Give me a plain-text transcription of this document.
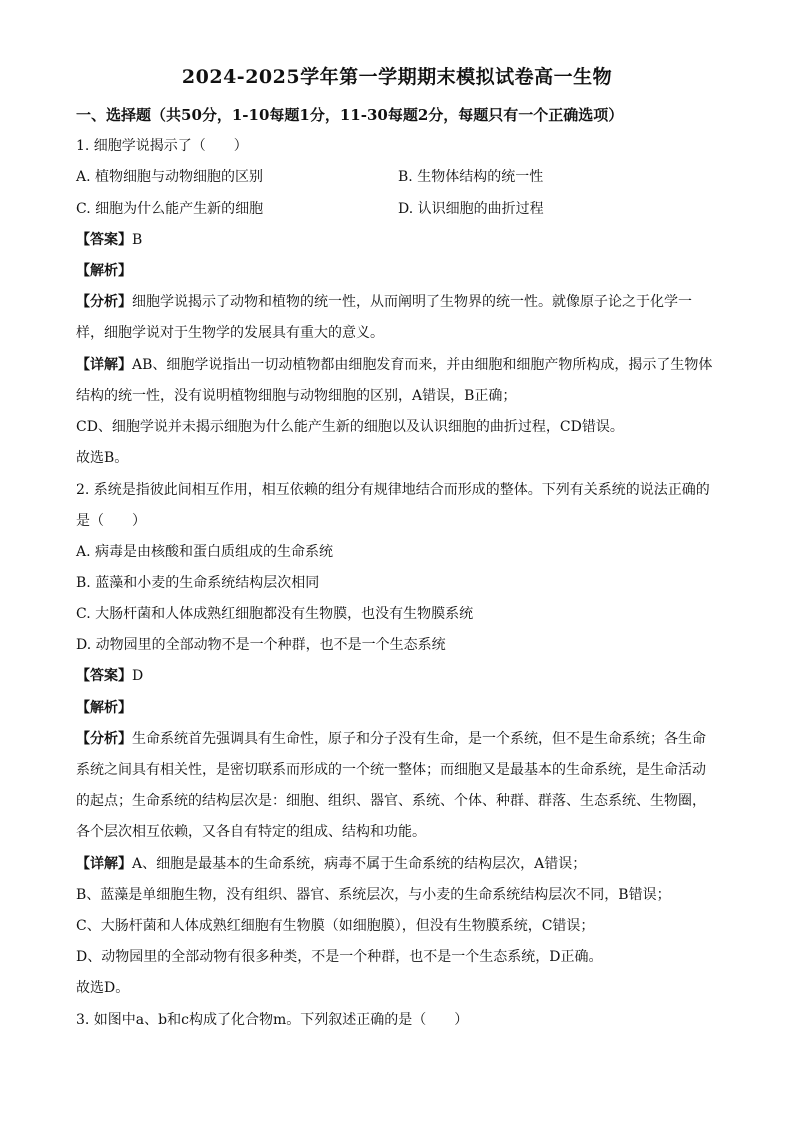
2024-2025学年第一学期期末模拟试卷高一生物

一、选择题（共50分，1-10每题1分，11-30每题2分，每题只有一个正确选项）

1. 细胞学说揭示了（　　）

A. 植物细胞与动物细胞的区别	B. 生物体结构的统一性

C. 细胞为什么能产生新的细胞	D. 认识细胞的曲折过程

【答案】B

【解析】

【分析】细胞学说揭示了动物和植物的统一性，从而阐明了生物界的统一性。就像原子论之于化学一

样，细胞学说对于生物学的发展具有重大的意义。

【详解】AB、细胞学说指出一切动植物都由细胞发育而来，并由细胞和细胞产物所构成，揭示了生物体

结构的统一性，没有说明植物细胞与动物细胞的区别，A错误，B正确；

CD、细胞学说并未揭示细胞为什么能产生新的细胞以及认识细胞的曲折过程，CD错误。

故选B。

2. 系统是指彼此间相互作用，相互依赖的组分有规律地结合而形成的整体。下列有关系统的说法正确的

是（　　）

A. 病毒是由核酸和蛋白质组成的生命系统

B. 蓝藻和小麦的生命系统结构层次相同

C. 大肠杆菌和人体成熟红细胞都没有生物膜，也没有生物膜系统

D. 动物园里的全部动物不是一个种群，也不是一个生态系统

【答案】D

【解析】

【分析】生命系统首先强调具有生命性，原子和分子没有生命，是一个系统，但不是生命系统；各生命

系统之间具有相关性，是密切联系而形成的一个统一整体；而细胞又是最基本的生命系统，是生命活动

的起点；生命系统的结构层次是：细胞、组织、器官、系统、个体、种群、群落、生态系统、生物圈，

各个层次相互依赖，又各自有特定的组成、结构和功能。

【详解】A、细胞是最基本的生命系统，病毒不属于生命系统的结构层次，A错误；

B、蓝藻是单细胞生物，没有组织、器官、系统层次，与小麦的生命系统结构层次不同，B错误；

C、大肠杆菌和人体成熟红细胞有生物膜（如细胞膜），但没有生物膜系统，C错误；

D、动物园里的全部动物有很多种类，不是一个种群，也不是一个生态系统，D正确。

故选D。

3. 如图中a、b和c构成了化合物m。下列叙述正确的是（　　）
